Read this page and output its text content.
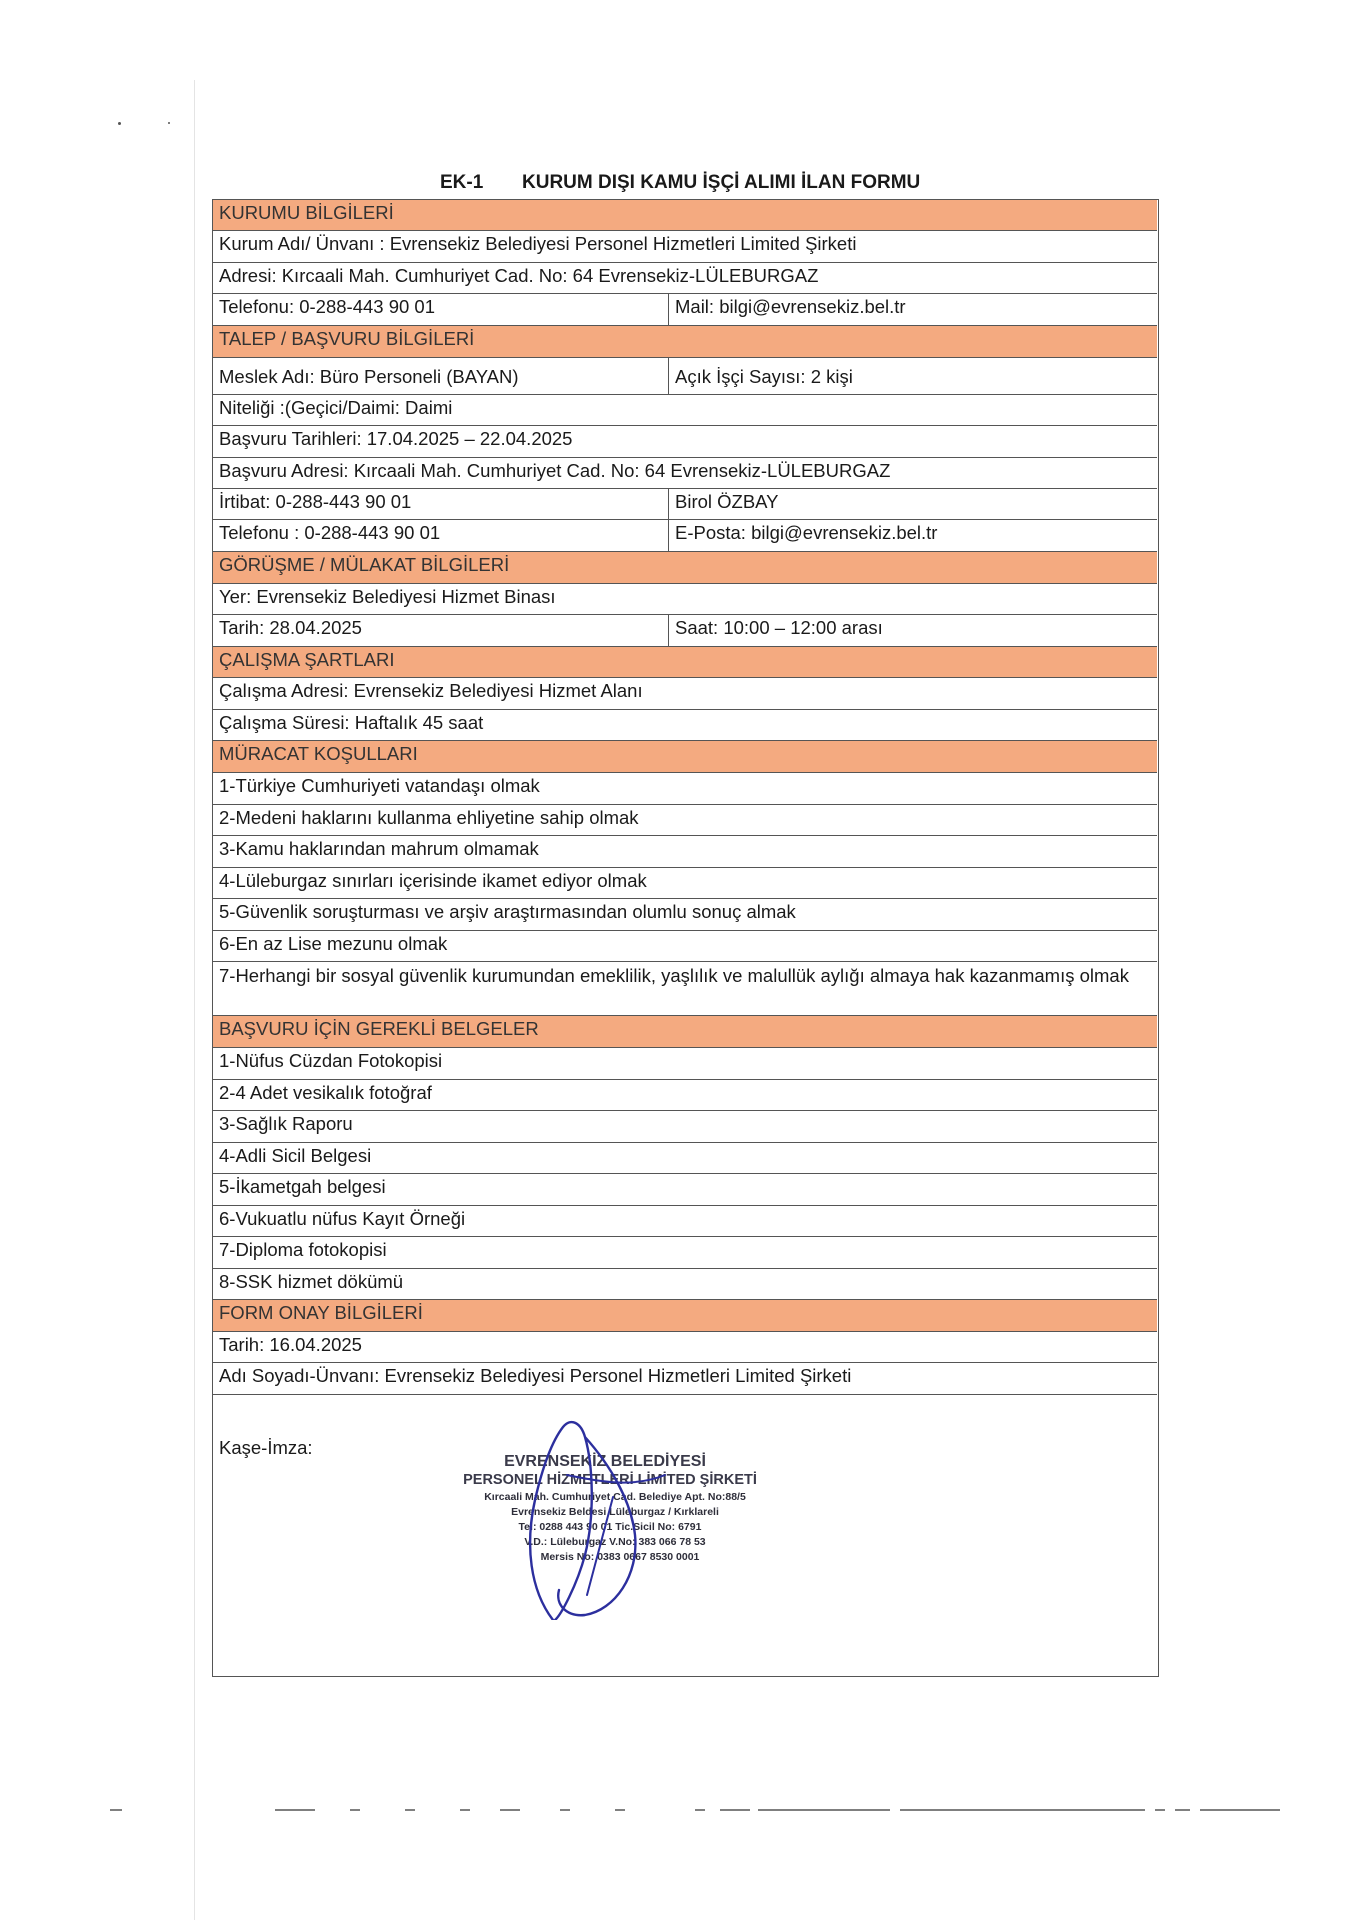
EK-1 KURUM DIŞI KAMU İŞÇİ ALIMI İLAN FORMU
KURUMU BİLGİLERİ
Kurum Adı/ Ünvanı : Evrensekiz Belediyesi Personel Hizmetleri Limited Şirketi
Adresi: Kırcaali Mah. Cumhuriyet Cad. No: 64 Evrensekiz-LÜLEBURGAZ
Telefonu: 0-288-443 90 01	Mail: bilgi@evrensekiz.bel.tr
TALEP / BAŞVURU BİLGİLERİ
Meslek Adı: Büro Personeli (BAYAN)	Açık İşçi Sayısı: 2 kişi
Niteliği :(Geçici/Daimi: Daimi
Başvuru Tarihleri: 17.04.2025 – 22.04.2025
Başvuru Adresi: Kırcaali Mah. Cumhuriyet Cad. No: 64 Evrensekiz-LÜLEBURGAZ
İrtibat: 0-288-443 90 01	Birol ÖZBAY
Telefonu : 0-288-443 90 01	E-Posta: bilgi@evrensekiz.bel.tr
GÖRÜŞME / MÜLAKAT BİLGİLERİ
Yer: Evrensekiz Belediyesi Hizmet Binası
Tarih: 28.04.2025	Saat: 10:00 – 12:00 arası
ÇALIŞMA ŞARTLARI
Çalışma Adresi: Evrensekiz Belediyesi Hizmet Alanı
Çalışma Süresi: Haftalık 45 saat
MÜRACAT KOŞULLARI
1-Türkiye Cumhuriyeti vatandaşı olmak
2-Medeni haklarını kullanma ehliyetine sahip olmak
3-Kamu haklarından mahrum olmamak
4-Lüleburgaz sınırları içerisinde ikamet ediyor olmak
5-Güvenlik soruşturması ve arşiv araştırmasından olumlu sonuç almak
6-En az Lise mezunu olmak
7-Herhangi bir sosyal güvenlik kurumundan emeklilik, yaşlılık ve malullük aylığı almaya hak kazanmamış olmak
BAŞVURU İÇİN GEREKLİ BELGELER
1-Nüfus Cüzdan Fotokopisi
2-4 Adet vesikalık fotoğraf
3-Sağlık Raporu
4-Adli Sicil Belgesi
5-İkametgah belgesi
6-Vukuatlu nüfus Kayıt Örneği
7-Diploma fotokopisi
8-SSK hizmet dökümü
FORM ONAY BİLGİLERİ
Tarih: 16.04.2025
Adı Soyadı-Ünvanı: Evrensekiz Belediyesi Personel Hizmetleri Limited Şirketi
Kaşe-İmza:
EVRENSEKİZ BELEDİYESİ
PERSONEL HİZMETLERİ LİMİTED ŞİRKETİ
Kırcaali Mah. Cumhuriyet Cad. Belediye Apt. No:88/5
Evrensekiz Beldesi Lüleburgaz / Kırklareli
Tel: 0288 443 90 01 Tic.Sicil No: 6791
V.D.: Lüleburgaz V.No: 383 066 78 53
Mersis No: 0383 0667 8530 0001
